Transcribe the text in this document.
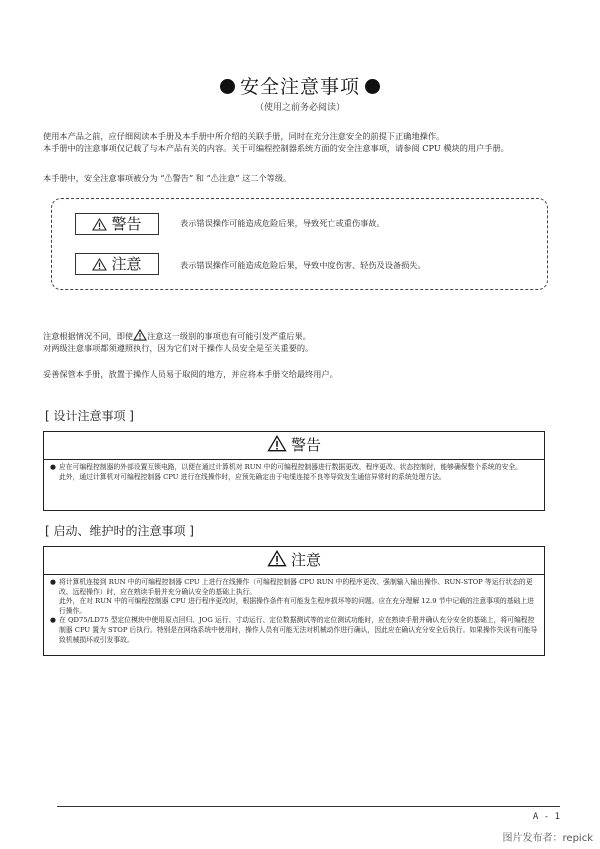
安全注意事项
（使用之前务必阅读）
使用本产品之前，应仔细阅读本手册及本手册中所介绍的关联手册，同时在充分注意安全的前提下正确地操作。
本手册中的注意事项仅记载了与本产品有关的内容。关于可编程控制器系统方面的安全注意事项，请参阅 CPU 模块的用户手册。
本手册中，安全注意事项被分为 “⚠警告” 和 “⚠注意” 这二个等级。
警告	表示错误操作可能造成危险后果，导致死亡或重伤事故。
注意	表示错误操作可能造成危险后果，导致中度伤害、轻伤及设备损失。
注意根据情况不同，即使 注意这一级别的事项也有可能引发严重后果。
对两级注意事项都须遵照执行，因为它们对于操作人员安全是至关重要的。
妥善保管本手册，放置于操作人员易于取阅的地方，并应将本手册交给最终用户。
[ 设计注意事项 ]
警告
● 应在可编程控制器的外部设置互锁电路，以便在通过计算机对 RUN 中的可编程控制器进行数据更改、程序更改、状态控制时，能够确保整个系统的安全。
此外，通过计算机对可编程控制器 CPU 进行在线操作时，应预先确定由于电缆连接不良等导致发生通信异常时的系统处理方法。
[ 启动、维护时的注意事项 ]
注意
● 将计算机连接到 RUN 中的可编程控制器 CPU 上进行在线操作（可编程控制器 CPU RUN 中的程序更改、强制输入输出操作、RUN-STOP 等运行状态的更改、远程操作）时，应在熟读手册并充分确认安全的基础上执行。
此外，在对 RUN 中的可编程控制器 CPU 进行程序更改时，根据操作条件有可能发生程序损坏等的问题。应在充分理解 12.9 节中记载的注意事项的基础上进行操作。
● 在 QD75/LD75 型定位模块中使用原点回归、JOG 运行、寸动运行、定位数据测试等的定位测试功能时，应在熟读手册并确认充分安全的基础上，将可编程控制器 CPU 置为 STOP 后执行。特别是在网络系统中使用时，操作人员有可能无法对机械动作进行确认，因此应在确认充分安全后执行。如果操作失误有可能导致机械损坏或引发事故。
A - 1
图片发布者：repick
